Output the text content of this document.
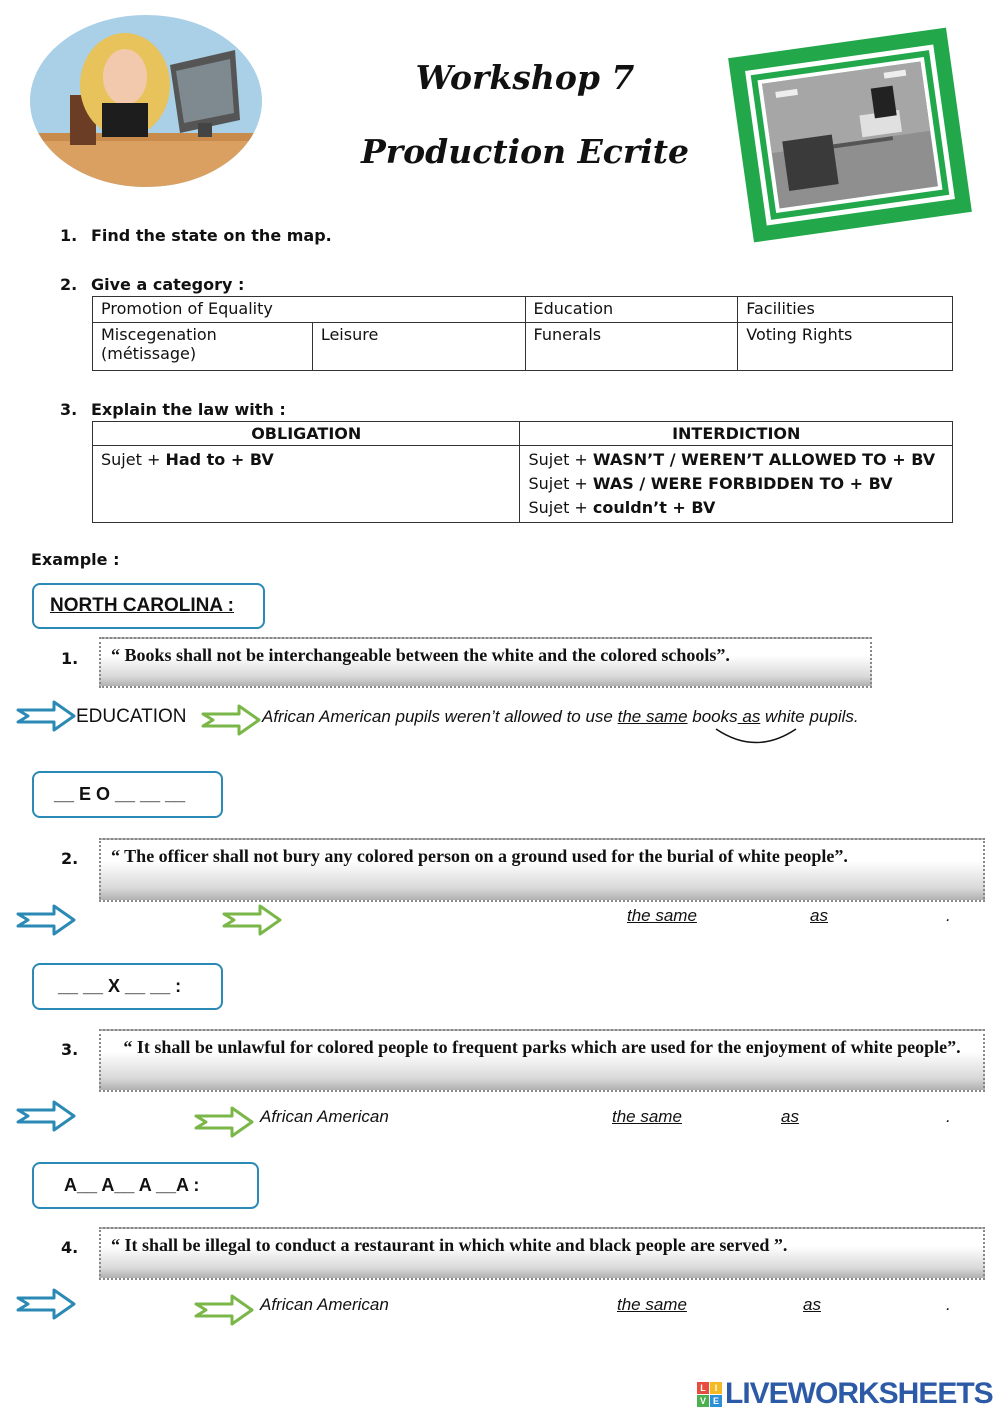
Workshop 7
Production Ecrite
1. Find the state on the map.
2. Give a category :
Promotion of Equality		Education	Facilities
Miscegenation
(métissage)	Leisure	Funerals	Voting Rights
3. Explain the law with :
OBLIGATION	INTERDICTION
Sujet + Had to + BV	Sujet + WASN’T / WEREN’T ALLOWED TO + BV
Sujet + WAS / WERE FORBIDDEN TO + BV
Sujet + couldn’t + BV
Example :
NORTH CAROLINA :
1.	“ Books shall not be interchangeable between the white and the colored schools”.
EDUCATION	African American pupils weren’t allowed to use the same books as white pupils.
__ E O __ __ __
2.	“ The officer shall not bury any colored person on a ground used for the burial of white people”.
the same	as	.
__ __ X __ __ :
3.	“ It shall be unlawful for colored people to frequent parks which are used for the enjoyment of white people”.
African American	the same	as	.
A__ A__ A __A :
4.	“ It shall be illegal to conduct a restaurant in which white and black people are served ”.
African American	the same	as	.
L I
V E LIVEWORKSHEETS
